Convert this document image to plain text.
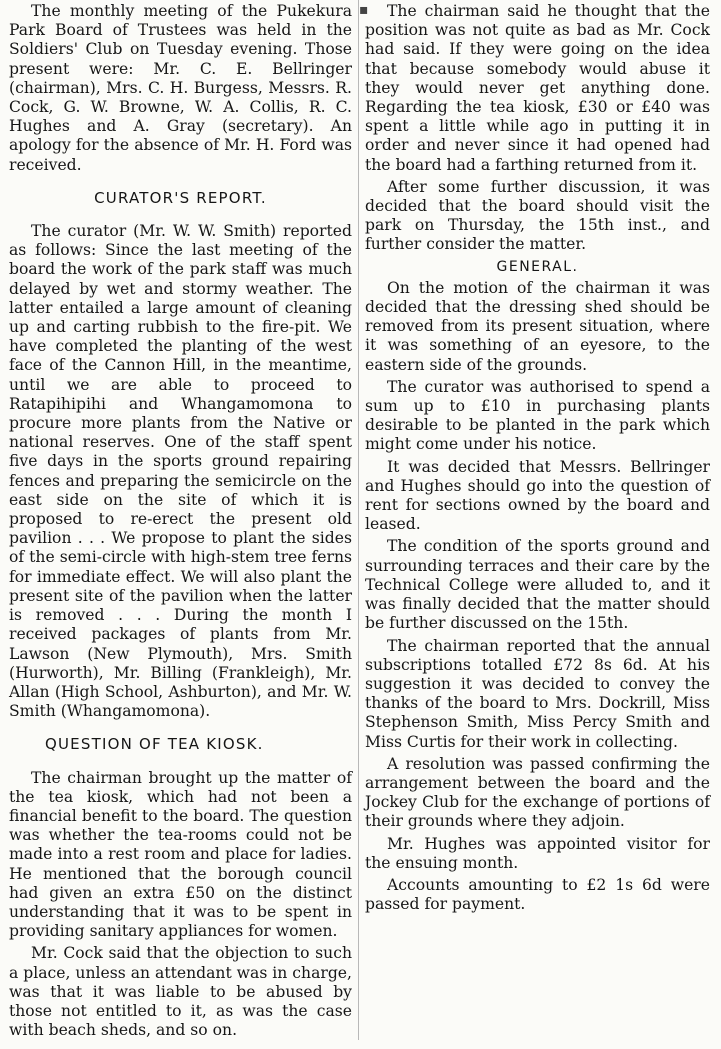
The monthly meeting of the Pukekura Park Board of Trustees was held in the Soldiers' Club on Tuesday evening. Those present were: Mr. C. E. Bellringer (chairman), Mrs. C. H. Burgess, Messrs. R. Cock, G. W. Browne, W. A. Collis, R. C. Hughes and A. Gray (secretary). An apology for the absence of Mr. H. Ford was received.

CURATOR'S REPORT.

The curator (Mr. W. W. Smith) reported as follows: Since the last meeting of the board the work of the park staff was much delayed by wet and stormy weather. The latter entailed a large amount of cleaning up and carting rubbish to the fire-pit. We have completed the planting of the west face of the Cannon Hill, in the meantime, until we are able to proceed to Ratapihipihi and Whangamomona to procure more plants from the Native or national reserves. One of the staff spent five days in the sports ground repairing fences and preparing the semicircle on the east side on the site of which it is proposed to re-erect the present old pavilion . . . We propose to plant the sides of the semi-circle with high-stem tree ferns for immediate effect. We will also plant the present site of the pavilion when the latter is removed . . . During the month I received packages of plants from Mr. Lawson (New Plymouth), Mrs. Smith (Hurworth), Mr. Billing (Frankleigh), Mr. Allan (High School, Ashburton), and Mr. W. Smith (Whangamomona).

QUESTION OF TEA KIOSK.

The chairman brought up the matter of the tea kiosk, which had not been a financial benefit to the board. The question was whether the tea-rooms could not be made into a rest room and place for ladies. He mentioned that the borough council had given an extra £50 on the distinct understanding that it was to be spent in providing sanitary appliances for women.

Mr. Cock said that the objection to such a place, unless an attendant was in charge, was that it was liable to be abused by those not entitled to it, as was the case with beach sheds, and so on.

▪	The chairman said he thought that the position was not quite as bad as Mr. Cock had said. If they were going on the idea that because somebody would abuse it they would never get anything done. Regarding the tea kiosk, £30 or £40 was spent a little while ago in putting it in order and never since it had opened had the board had a farthing returned from it.

After some further discussion, it was decided that the board should visit the park on Thursday, the 15th inst., and further consider the matter.

GENERAL.

On the motion of the chairman it was decided that the dressing shed should be removed from its present situation, where it was something of an eyesore, to the eastern side of the grounds.

The curator was authorised to spend a sum up to £10 in purchasing plants desirable to be planted in the park which might come under his notice.

It was decided that Messrs. Bellringer and Hughes should go into the question of rent for sections owned by the board and leased.

The condition of the sports ground and surrounding terraces and their care by the Technical College were alluded to, and it was finally decided that the matter should be further discussed on the 15th.

The chairman reported that the annual subscriptions totalled £72 8s 6d. At his suggestion it was decided to convey the thanks of the board to Mrs. Dockrill, Miss Stephenson Smith, Miss Percy Smith and Miss Curtis for their work in collecting.

A resolution was passed confirming the arrangement between the board and the Jockey Club for the exchange of portions of their grounds where they adjoin.

Mr. Hughes was appointed visitor for the ensuing month.

Accounts amounting to £2 1s 6d were passed for payment.
